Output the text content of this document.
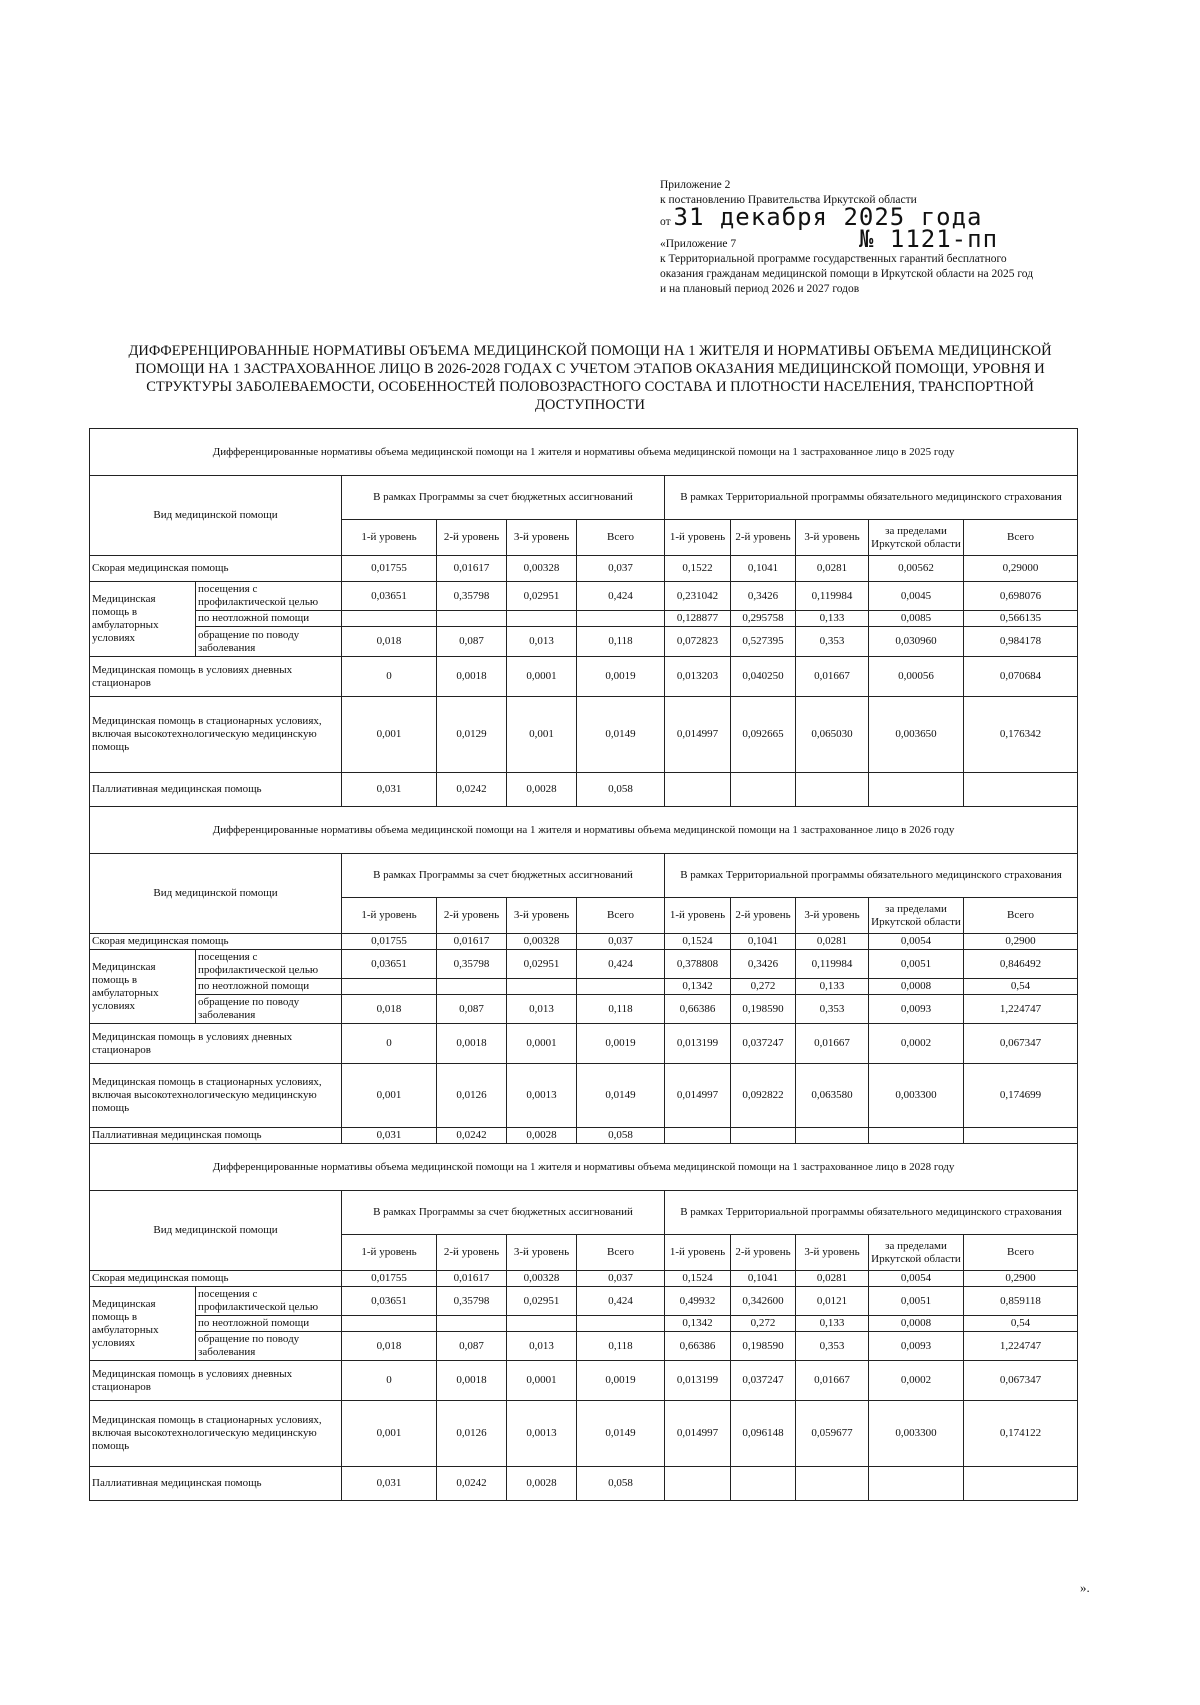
Приложение 2
к постановлению Правительства Иркутской области
от 31 декабря 2025 года
«Приложение 7	№ 1121-пп
к Территориальной программе государственных гарантий бесплатного
оказания гражданам медицинской помощи в Иркутской области на 2025 год
и на плановый период 2026 и 2027 годов
ДИФФЕРЕНЦИРОВАННЫЕ НОРМАТИВЫ ОБЪЕМА МЕДИЦИНСКОЙ ПОМОЩИ НА 1 ЖИТЕЛЯ И НОРМАТИВЫ ОБЪЕМА МЕДИЦИНСКОЙ ПОМОЩИ НА 1 ЗАСТРАХОВАННОЕ ЛИЦО В 2026-2028 ГОДАХ С УЧЕТОМ ЭТАПОВ ОКАЗАНИЯ МЕДИЦИНСКОЙ ПОМОЩИ, УРОВНЯ И СТРУКТУРЫ ЗАБОЛЕВАЕМОСТИ, ОСОБЕННОСТЕЙ ПОЛОВОЗРАСТНОГО СОСТАВА И ПЛОТНОСТИ НАСЕЛЕНИЯ, ТРАНСПОРТНОЙ ДОСТУПНОСТИ
Дифференцированные нормативы объема медицинской помощи на 1 жителя и нормативы объема медицинской помощи на 1 застрахованное лицо в 2025 году										
Вид медицинской помощи		В рамках Программы за счет бюджетных ассигнований				В рамках Территориальной программы обязательного медицинского страхования				
		1-й уровень	2-й уровень	3-й уровень	Всего	1-й уровень	2-й уровень	3-й уровень	за пределами Иркутской области	Всего
Скорая медицинская помощь		0,01755	0,01617	0,00328	0,037	0,1522	0,1041	0,0281	0,00562	0,29000
Медицинская помощь в амбулаторных условиях	посещения с профилактической целью	0,03651	0,35798	0,02951	0,424	0,231042	0,3426	0,119984	0,0045	0,698076
	по неотложной помощи					0,128877	0,295758	0,133	0,0085	0,566135
	обращение по поводу заболевания	0,018	0,087	0,013	0,118	0,072823	0,527395	0,353	0,030960	0,984178
Медицинская помощь в условиях дневных стационаров		0	0,0018	0,0001	0,0019	0,013203	0,040250	0,01667	0,00056	0,070684
Медицинская помощь в стационарных условиях, включая высокотехнологическую медицинскую помощь		0,001	0,0129	0,001	0,0149	0,014997	0,092665	0,065030	0,003650	0,176342
Паллиативная медицинская помощь		0,031	0,0242	0,0028	0,058					
Дифференцированные нормативы объема медицинской помощи на 1 жителя и нормативы объема медицинской помощи на 1 застрахованное лицо в 2026 году										
Вид медицинской помощи		В рамках Программы за счет бюджетных ассигнований				В рамках Территориальной программы обязательного медицинского страхования				
		1-й уровень	2-й уровень	3-й уровень	Всего	1-й уровень	2-й уровень	3-й уровень	за пределами Иркутской области	Всего
Скорая медицинская помощь		0,01755	0,01617	0,00328	0,037	0,1524	0,1041	0,0281	0,0054	0,2900
Медицинская помощь в амбулаторных условиях	посещения с профилактической целью	0,03651	0,35798	0,02951	0,424	0,378808	0,3426	0,119984	0,0051	0,846492
	по неотложной помощи					0,1342	0,272	0,133	0,0008	0,54
	обращение по поводу заболевания	0,018	0,087	0,013	0,118	0,66386	0,198590	0,353	0,0093	1,224747
Медицинская помощь в условиях дневных стационаров		0	0,0018	0,0001	0,0019	0,013199	0,037247	0,01667	0,0002	0,067347
Медицинская помощь в стационарных условиях, включая высокотехнологическую медицинскую помощь		0,001	0,0126	0,0013	0,0149	0,014997	0,092822	0,063580	0,003300	0,174699
Паллиативная медицинская помощь		0,031	0,0242	0,0028	0,058					
Дифференцированные нормативы объема медицинской помощи на 1 жителя и нормативы объема медицинской помощи на 1 застрахованное лицо в 2028 году										
Вид медицинской помощи		В рамках Программы за счет бюджетных ассигнований				В рамках Территориальной программы обязательного медицинского страхования				
		1-й уровень	2-й уровень	3-й уровень	Всего	1-й уровень	2-й уровень	3-й уровень	за пределами Иркутской области	Всего
Скорая медицинская помощь		0,01755	0,01617	0,00328	0,037	0,1524	0,1041	0,0281	0,0054	0,2900
Медицинская помощь в амбулаторных условиях	посещения с профилактической целью	0,03651	0,35798	0,02951	0,424	0,49932	0,342600	0,0121	0,0051	0,859118
	по неотложной помощи					0,1342	0,272	0,133	0,0008	0,54
	обращение по поводу заболевания	0,018	0,087	0,013	0,118	0,66386	0,198590	0,353	0,0093	1,224747
Медицинская помощь в условиях дневных стационаров		0	0,0018	0,0001	0,0019	0,013199	0,037247	0,01667	0,0002	0,067347
Медицинская помощь в стационарных условиях, включая высокотехнологическую медицинскую помощь		0,001	0,0126	0,0013	0,0149	0,014997	0,096148	0,059677	0,003300	0,174122
Паллиативная медицинская помощь		0,031	0,0242	0,0028	0,058					
».
